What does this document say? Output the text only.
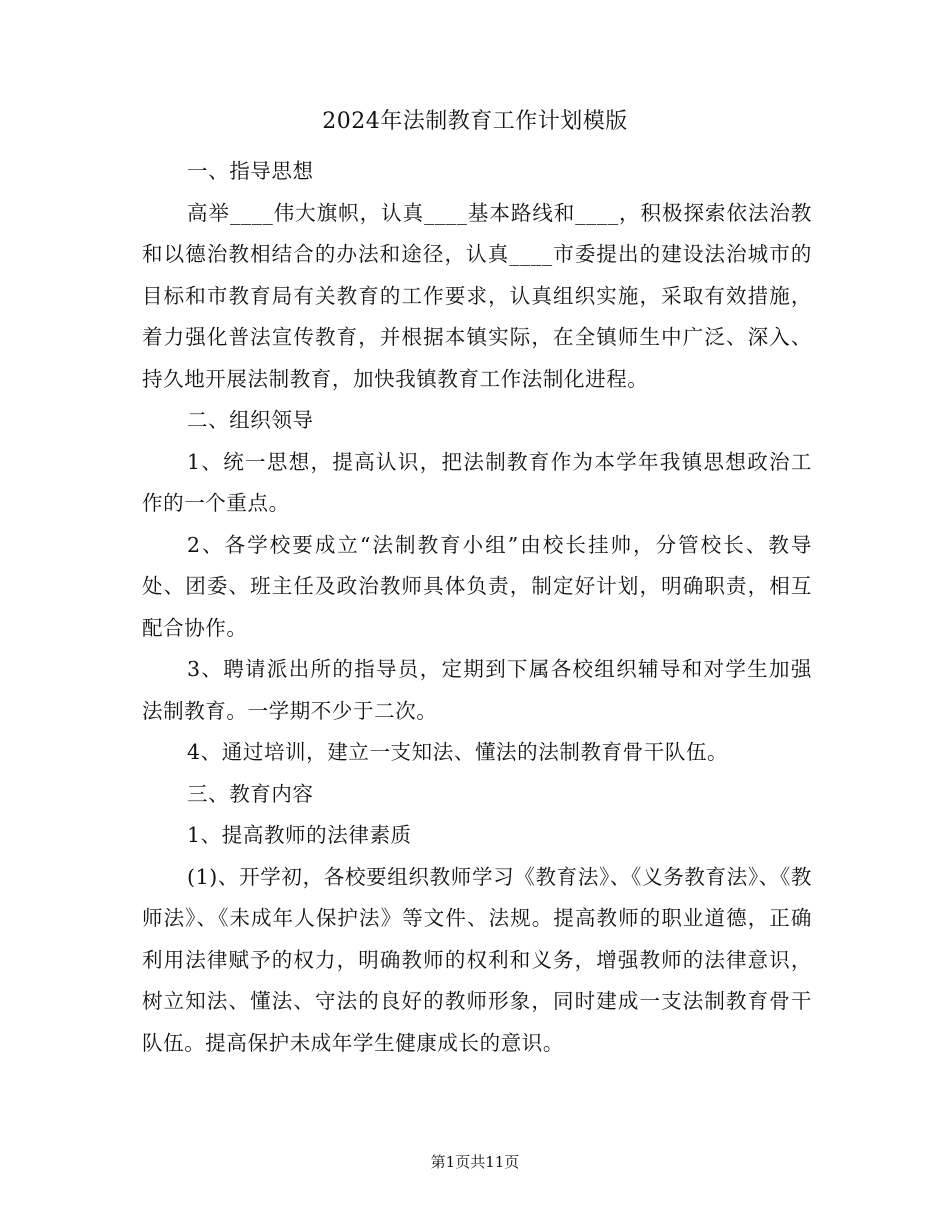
2024年法制教育工作计划模版

一、指导思想

高举____伟大旗帜，认真____基本路线和____，积极探索依法治教和以德治教相结合的办法和途径，认真____市委提出的建设法治城市的目标和市教育局有关教育的工作要求，认真组织实施，采取有效措施，着力强化普法宣传教育，并根据本镇实际，在全镇师生中广泛、深入、持久地开展法制教育，加快我镇教育工作法制化进程。

二、组织领导

1、统一思想，提高认识，把法制教育作为本学年我镇思想政治工作的一个重点。

2、各学校要成立“法制教育小组”由校长挂帅，分管校长、教导处、团委、班主任及政治教师具体负责，制定好计划，明确职责，相互配合协作。

3、聘请派出所的指导员，定期到下属各校组织辅导和对学生加强法制教育。一学期不少于二次。

4、通过培训，建立一支知法、懂法的法制教育骨干队伍。

三、教育内容

1、提高教师的法律素质

(1)、开学初，各校要组织教师学习《教育法》、《义务教育法》、《教师法》、《未成年人保护法》等文件、法规。提高教师的职业道德，正确利用法律赋予的权力，明确教师的权利和义务，增强教师的法律意识，树立知法、懂法、守法的良好的教师形象，同时建成一支法制教育骨干队伍。提高保护未成年学生健康成长的意识。

第1页共11页
